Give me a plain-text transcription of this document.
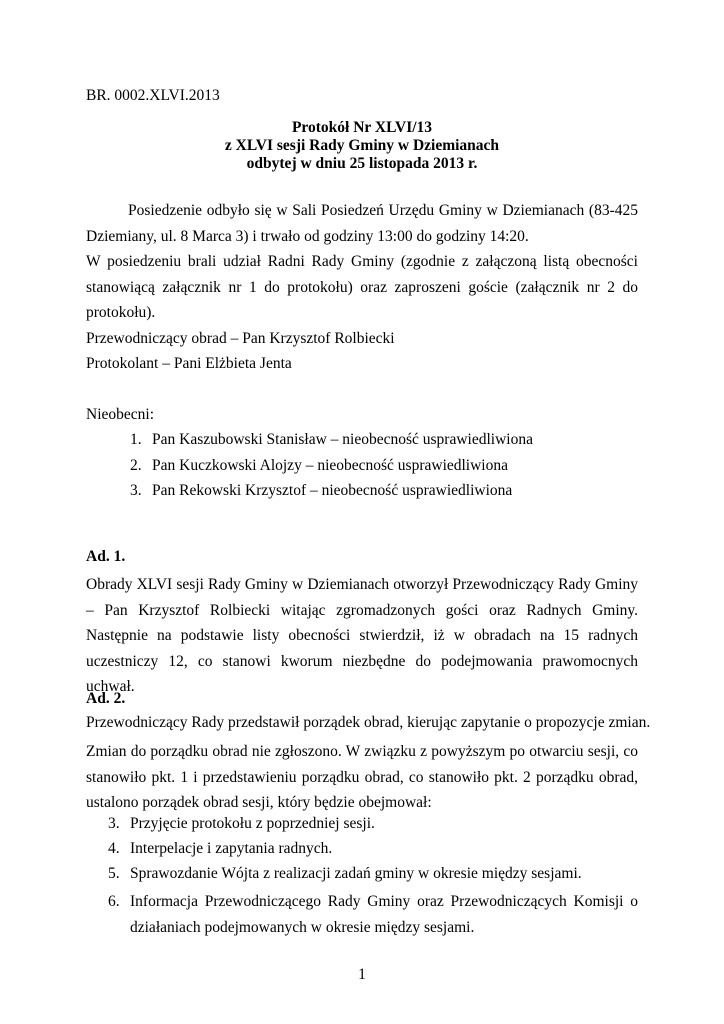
BR. 0002.XLVI.2013
Protokół Nr XLVI/13
z XLVI sesji Rady Gminy w Dziemianach
odbytej w dniu 25 listopada 2013 r.
Posiedzenie odbyło się w Sali Posiedzeń Urzędu Gminy w Dziemianach (83-425 Dziemiany, ul. 8 Marca 3) i trwało od godziny 13:00 do godziny 14:20.
W posiedzeniu brali udział Radni Rady Gminy (zgodnie z załączoną listą obecności stanowiącą załącznik nr 1 do protokołu) oraz zaproszeni goście (załącznik nr 2 do protokołu).
Przewodniczący obrad – Pan Krzysztof Rolbiecki
Protokolant – Pani Elżbieta Jenta
Nieobecni:
1. Pan Kaszubowski Stanisław – nieobecność usprawiedliwiona
2. Pan Kuczkowski Alojzy – nieobecność usprawiedliwiona
3. Pan Rekowski Krzysztof – nieobecność usprawiedliwiona
Ad. 1.
Obrady XLVI sesji Rady Gminy w Dziemianach otworzył Przewodniczący Rady Gminy – Pan Krzysztof Rolbiecki witając zgromadzonych gości oraz Radnych Gminy. Następnie na podstawie listy obecności stwierdził, iż w obradach na 15 radnych uczestniczy 12, co stanowi kworum niezbędne do podejmowania prawomocnych uchwał.
Ad. 2.
Przewodniczący Rady przedstawił porządek obrad, kierując zapytanie o propozycje zmian.
Zmian do porządku obrad nie zgłoszono. W związku z powyższym po otwarciu sesji, co stanowiło pkt. 1 i przedstawieniu porządku obrad, co stanowiło pkt. 2 porządku obrad, ustalono porządek obrad sesji, który będzie obejmował:
3. Przyjęcie protokołu z poprzedniej sesji.
4. Interpelacje i zapytania radnych.
5. Sprawozdanie Wójta z realizacji zadań gminy w okresie między sesjami.
6. Informacja Przewodniczącego Rady Gminy oraz Przewodniczących Komisji o działaniach podejmowanych w okresie między sesjami.
1
